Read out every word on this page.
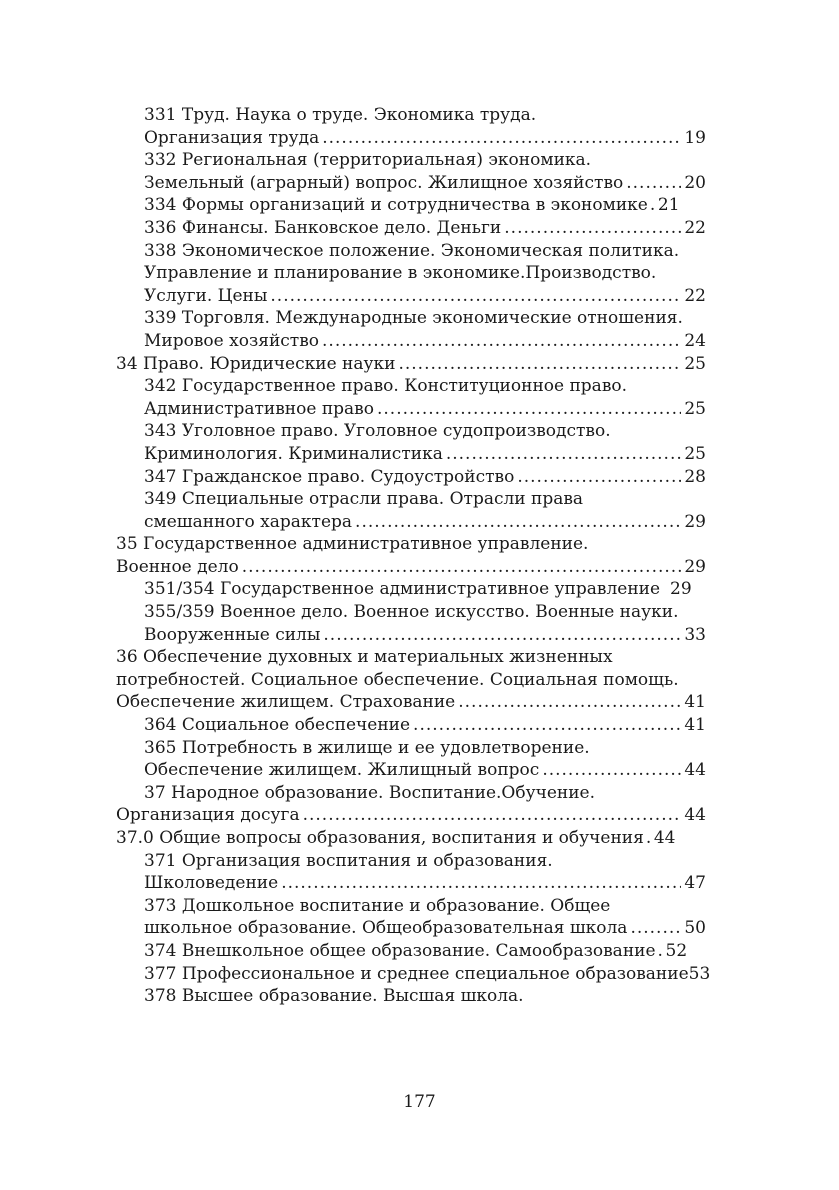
331 Труд. Наука о труде. Экономика труда.
Организация труда .....	19
332 Региональная (территориальная) экономика.
Земельный (аграрный) вопрос. Жилищное хозяйство .....	20
334 Формы организаций и сотрудничества в экономике ..... 21
336 Финансы. Банковское дело. Деньги .....	22
338 Экономическое положение. Экономическая политика.
Управление и планирование в экономике.Производство.
Услуги. Цены .....	22
339 Торговля. Международные экономические отношения.
Мировое хозяйство .....	24
34 Право. Юридические науки .....	25
342 Государственное право. Конституционное право.
Административное право .....	25
343 Уголовное право. Уголовное судопроизводство.
Криминология. Криминалистика .....	25
347 Гражданское право. Судоустройство .....	28
349 Специальные отрасли права. Отрасли права
смешанного характера .....	29
35 Государственное административное управление.
Военное дело .....	29
351/354 Государственное административное управление 29
355/359 Военное дело. Военное искусство. Военные науки.
Вооруженные силы .....	33
36 Обеспечение духовных и материальных жизненных
потребностей. Социальное обеспечение. Социальная помощь.
Обеспечение жилищем. Страхование .....	41
364 Социальное обеспечение .....	41
365 Потребность в жилище и ее удовлетворение.
Обеспечение жилищем. Жилищный вопрос .....	44
37 Народное образование. Воспитание.Обучение.
Организация досуга .....	44
37.0 Общие вопросы образования, воспитания и обучения ..... 44
371 Организация воспитания и образования.
Школоведение .....	47
373 Дошкольное воспитание и образование. Общее
школьное образование. Общеобразовательная школа .....	50
374 Внешкольное общее образование. Самообразование ..... 52
377 Профессиональное и среднее специальное образование 53
378 Высшее образование. Высшая школа.
177
